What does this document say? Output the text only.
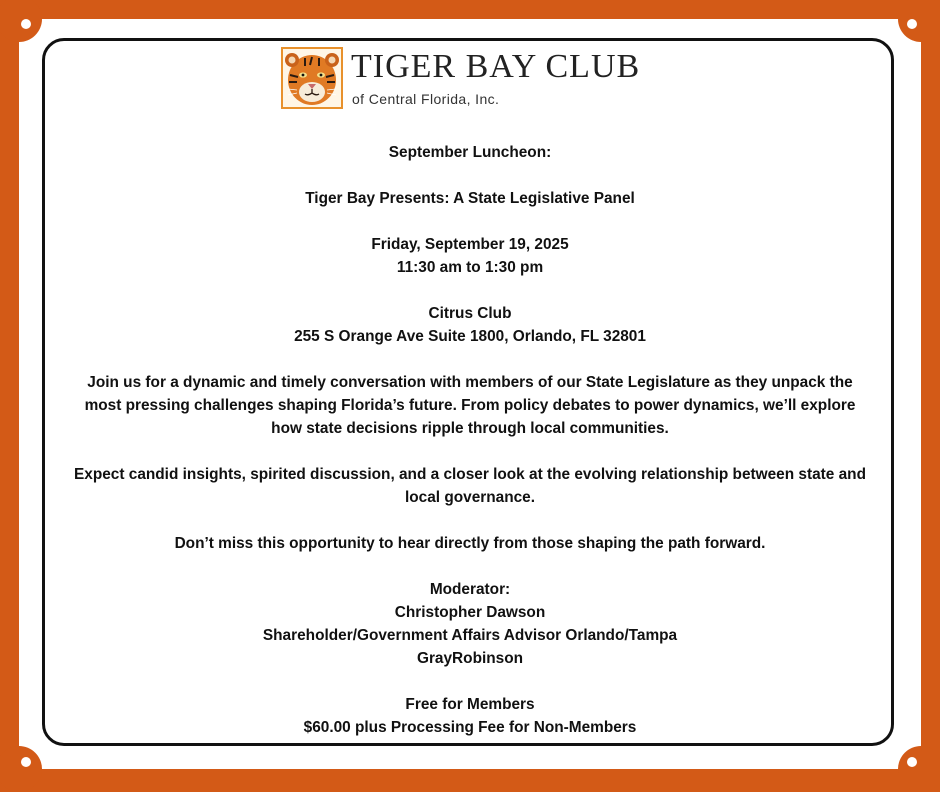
TIGER BAY CLUB
of Central Florida, Inc.

September Luncheon:

Tiger Bay Presents: A State Legislative Panel

Friday, September 19, 2025

11:30 am to 1:30 pm

Citrus Club

255 S Orange Ave Suite 1800, Orlando, FL 32801

Join us for a dynamic and timely conversation with members of our State Legislature as they unpack the most pressing challenges shaping Florida’s future. From policy debates to power dynamics, we’ll explore how state decisions ripple through local communities.

Expect candid insights, spirited discussion, and a closer look at the evolving relationship between state and local governance.

Don’t miss this opportunity to hear directly from those shaping the path forward.

Moderator:

Christopher Dawson

Shareholder/Government Affairs Advisor Orlando/Tampa

GrayRobinson

Free for Members

$60.00 plus Processing Fee for Non-Members
